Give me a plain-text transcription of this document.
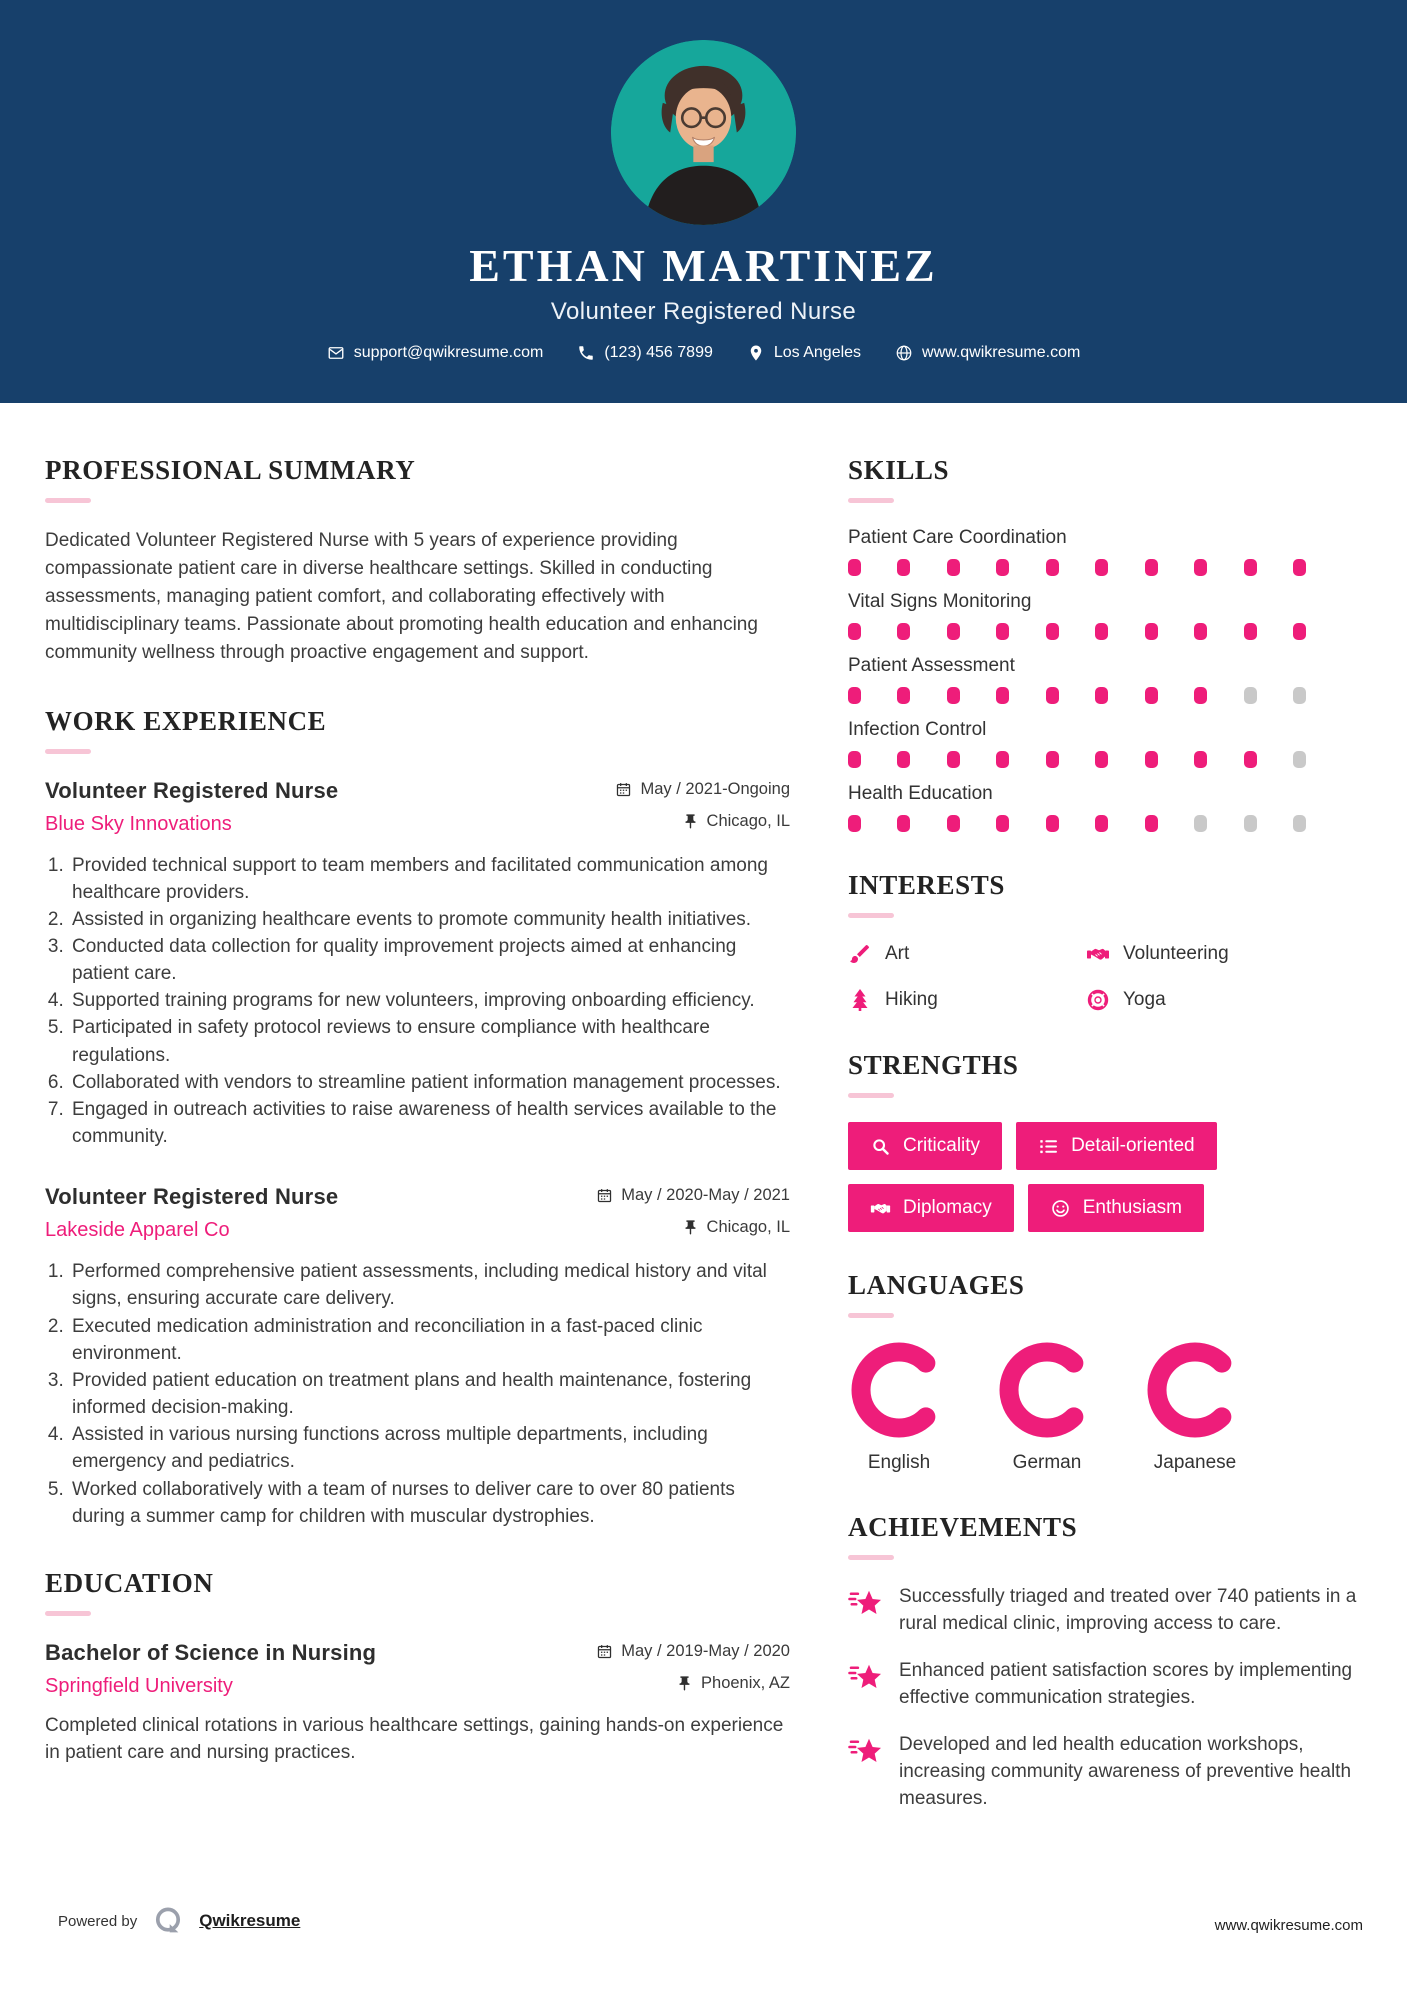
ETHAN MARTINEZ
Volunteer Registered Nurse
support@qwikresume.com	(123) 456 7899	Los Angeles	www.qwikresume.com
PROFESSIONAL SUMMARY

Dedicated Volunteer Registered Nurse with 5 years of experience providing compassionate patient care in diverse healthcare settings. Skilled in conducting assessments, managing patient comfort, and collaborating effectively with multidisciplinary teams. Passionate about promoting health education and enhancing community wellness through proactive engagement and support.

WORK EXPERIENCE
Volunteer Registered Nurse	May / 2021-Ongoing
Blue Sky Innovations	Chicago, IL
1. Provided technical support to team members and facilitated communication among healthcare providers.
2. Assisted in organizing healthcare events to promote community health initiatives.
3. Conducted data collection for quality improvement projects aimed at enhancing patient care.
4. Supported training programs for new volunteers, improving onboarding efficiency.
5. Participated in safety protocol reviews to ensure compliance with healthcare regulations.
6. Collaborated with vendors to streamline patient information management processes.
7. Engaged in outreach activities to raise awareness of health services available to the community.
Volunteer Registered Nurse	May / 2020-May / 2021
Lakeside Apparel Co	Chicago, IL
1. Performed comprehensive patient assessments, including medical history and vital signs, ensuring accurate care delivery.
2. Executed medication administration and reconciliation in a fast-paced clinic environment.
3. Provided patient education on treatment plans and health maintenance, fostering informed decision-making.
4. Assisted in various nursing functions across multiple departments, including emergency and pediatrics.
5. Worked collaboratively with a team of nurses to deliver care to over 80 patients during a summer camp for children with muscular dystrophies.
EDUCATION
Bachelor of Science in Nursing	May / 2019-May / 2020
Springfield University	Phoenix, AZ

Completed clinical rotations in various healthcare settings, gaining hands-on experience in patient care and nursing practices.

SKILLS
Patient Care Coordination
Vital Signs Monitoring
Patient Assessment
Infection Control
Health Education
INTERESTS
Art	Volunteering
Hiking	Yoga
STRENGTHS
Criticality	Detail-oriented
Diplomacy	Enthusiasm
LANGUAGES
English	German	Japanese
ACHIEVEMENTS
Successfully triaged and treated over 740 patients in a rural medical clinic, improving access to care.
Enhanced patient satisfaction scores by implementing effective communication strategies.
Developed and led health education workshops, increasing community awareness of preventive health measures.
Powered by	Qwikresume	www.qwikresume.com
